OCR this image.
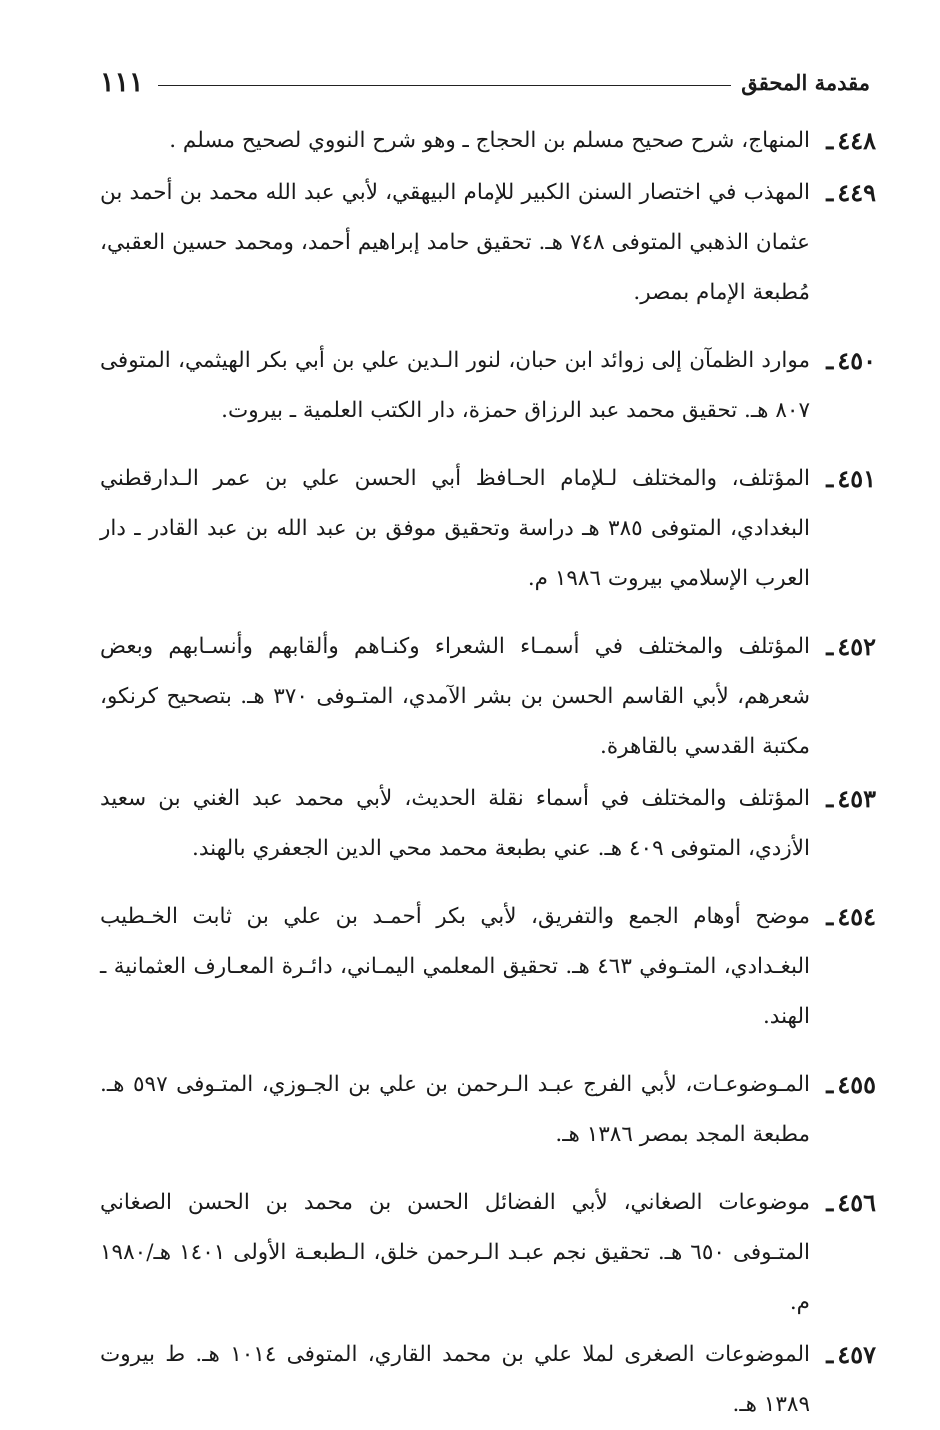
مقدمة المحقق
١١١
٤٤٨ـ
المنهاج، شرح صحيح مسلم بن الحجاج ـ وهو شرح النووي لصحيح مسلم .
٤٤٩ـ
المهذب في اختصار السنن الكبير للإمام البيهقي، لأبي عبد الله محمد بن أحمد بن عثمان الذهبي المتوفى ٧٤٨ هـ. تحقيق حامد إبراهيم أحمد، ومحمد حسين العقبي، مُطبعة الإمام بمصر.
٤٥٠ـ
موارد الظمآن إلى زوائد ابن حبان، لنور الـدين علي بن أبي بكر الهيثمي، المتوفى ٨٠٧ هـ. تحقيق محمد عبد الرزاق حمزة، دار الكتب العلمية ـ بيروت.
٤٥١ـ
المؤتلف، والمختلف لـلإمام الحـافظ أبي الحسن علي بن عمر الـدارقطني البغدادي، المتوفى ٣٨٥ هـ دراسة وتحقيق موفق بن عبد الله بن عبد القادر ـ دار العرب الإسلامي بيروت ١٩٨٦ م.
٤٥٢ـ
المؤتلف والمختلف في أسمـاء الشعراء وكنـاهم وألقابهم وأنسـابهم وبعض شعرهم، لأبي القاسم الحسن بن بشر الآمدي، المتـوفى ٣٧٠ هـ. بتصحيح كرنكو، مكتبة القدسي بالقاهرة.
٤٥٣ـ
المؤتلف والمختلف في أسماء نقلة الحديث، لأبي محمد عبد الغني بن سعيد الأزدي، المتوفى ٤٠٩ هـ. عني بطبعة محمد محي الدين الجعفري بالهند.
٤٥٤ـ
موضح أوهام الجمع والتفريق، لأبي بكر أحمـد بن علي بن ثابت الخـطيب البغـدادي، المتـوفي ٤٦٣ هـ. تحقيق المعلمي اليمـاني، دائـرة المعـارف العثمانية ـ الهند.
٤٥٥ـ
المـوضوعـات، لأبي الفرج عبـد الـرحمن بن علي بن الجـوزي، المتـوفى ٥٩٧ هـ. مطبعة المجد بمصر ١٣٨٦ هـ.
٤٥٦ـ
موضوعات الصغاني، لأبي الفضائل الحسن بن محمد بن الحسن الصغاني المتـوفى ٦٥٠ هـ. تحقيق نجم عبـد الـرحمن خلق، الـطبعـة الأولى ١٤٠١ هـ/١٩٨٠ م.
٤٥٧ـ
الموضوعات الصغرى لملا علي بن محمد القاري، المتوفى ١٠١٤ هـ. ط بيروت ١٣٨٩ هـ.
